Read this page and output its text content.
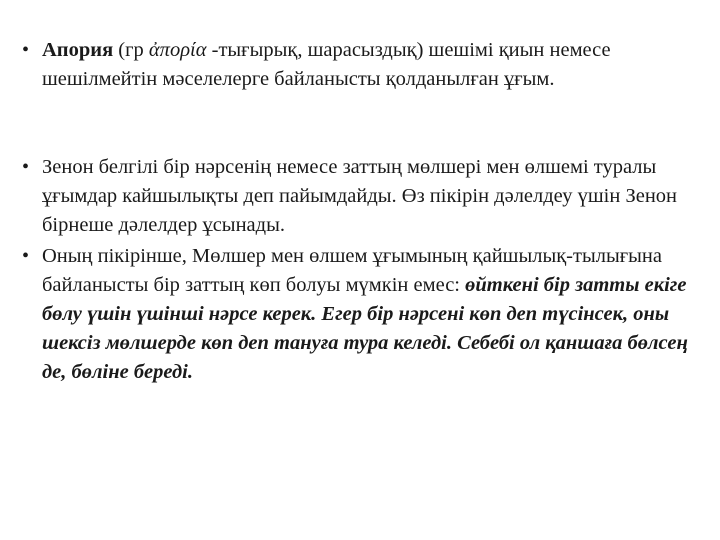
• Апория (гр ἀπορία -тығырық, шарасыздық) шешімі қиын немесе шешілмейтін мәселелерге байланысты қолданылған ұғым.
• Зенон белгілі бір нәрсенің немесе заттың мөлшері мен өлшемі туралы ұғымдар кайшылықты деп пайымдайды. Өз пікірін дәлелдеу үшін Зенон бірнеше дәлелдер ұсынады.
• Оның пікірінше, Мөлшер мен өлшем ұғымының қайшылық-тылығына байланысты бір заттың көп болуы мүмкін емес: өйткені бір затты екіге бөлу үшін үшінші нәрсе керек. Егер бір нәрсені көп деп түсінсек, оны шексіз мөлшерде көп деп тануға тура келеді. Себебі ол қаншаға бөлсең де, бөліне береді.
